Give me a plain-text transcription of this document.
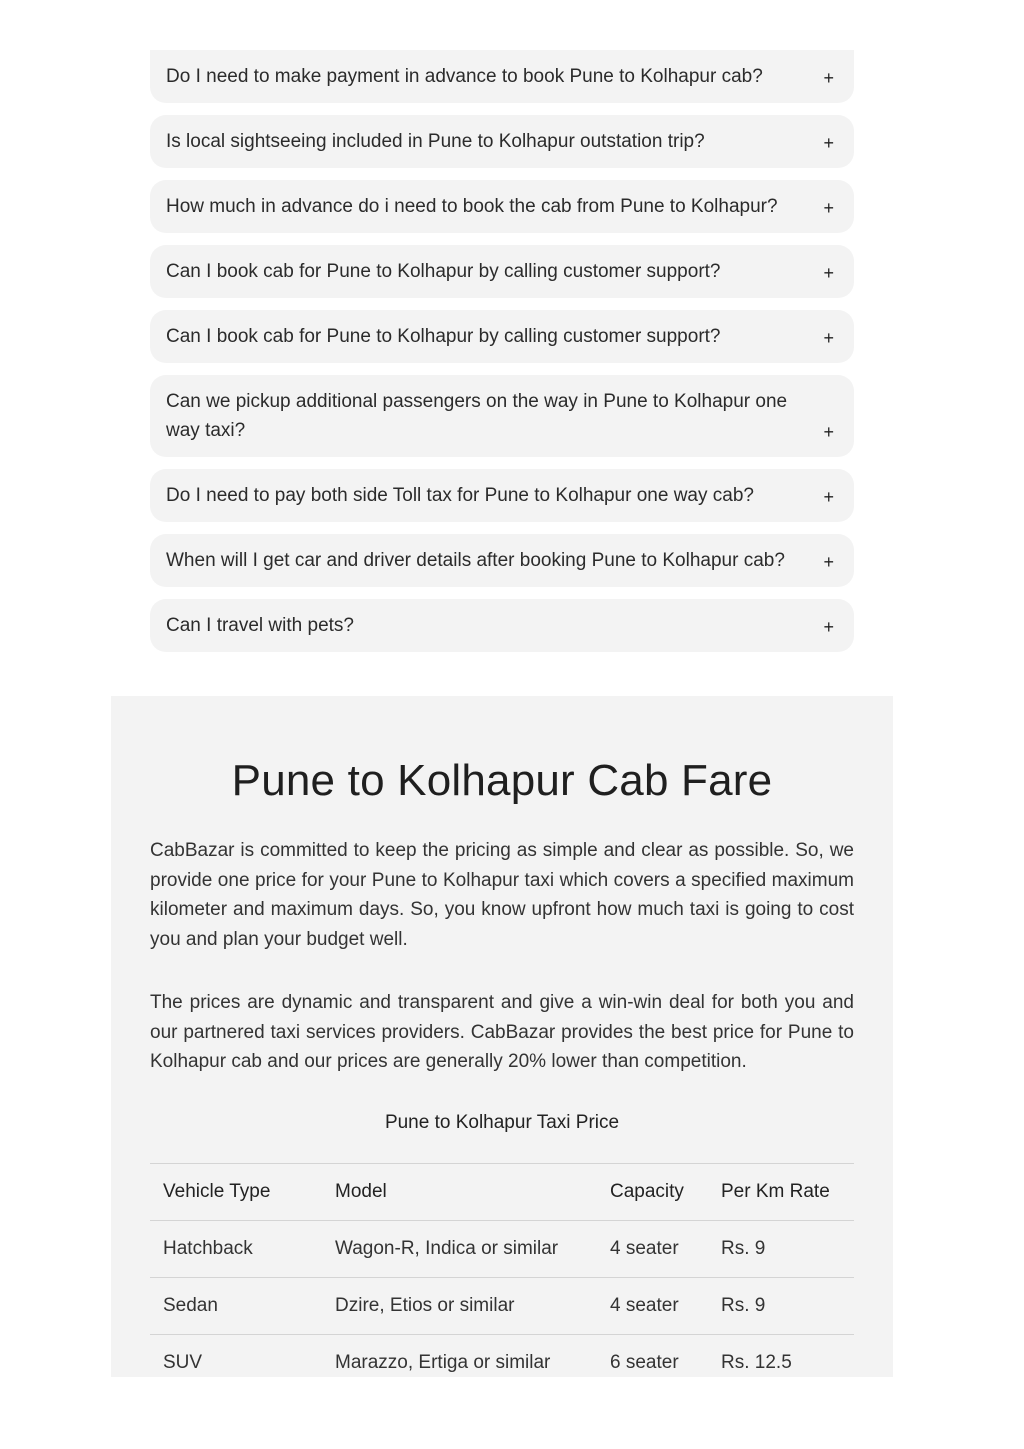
Do I need to make payment in advance to book Pune to Kolhapur cab?	+
Is local sightseeing included in Pune to Kolhapur outstation trip?	+
How much in advance do i need to book the cab from Pune to Kolhapur?	+
Can I book cab for Pune to Kolhapur by calling customer support?	+
Can I book cab for Pune to Kolhapur by calling customer support?	+
Can we pickup additional passengers on the way in Pune to Kolhapur one way taxi?	+
Do I need to pay both side Toll tax for Pune to Kolhapur one way cab?	+
When will I get car and driver details after booking Pune to Kolhapur cab?	+
Can I travel with pets?	+
Pune to Kolhapur Cab Fare

CabBazar is committed to keep the pricing as simple and clear as possible. So, we provide one price for your Pune to Kolhapur taxi which covers a specified maximum kilometer and maximum days. So, you know upfront how much taxi is going to cost you and plan your budget well.

The prices are dynamic and transparent and give a win-win deal for both you and our partnered taxi services providers. CabBazar provides the best price for Pune to Kolhapur cab and our prices are generally 20% lower than competition.

Pune to Kolhapur Taxi Price
Vehicle Type	Model	Capacity	Per Km Rate
Hatchback	Wagon-R, Indica or similar	4 seater	Rs. 9
Sedan	Dzire, Etios or similar	4 seater	Rs. 9
SUV	Marazzo, Ertiga or similar	6 seater	Rs. 12.5
